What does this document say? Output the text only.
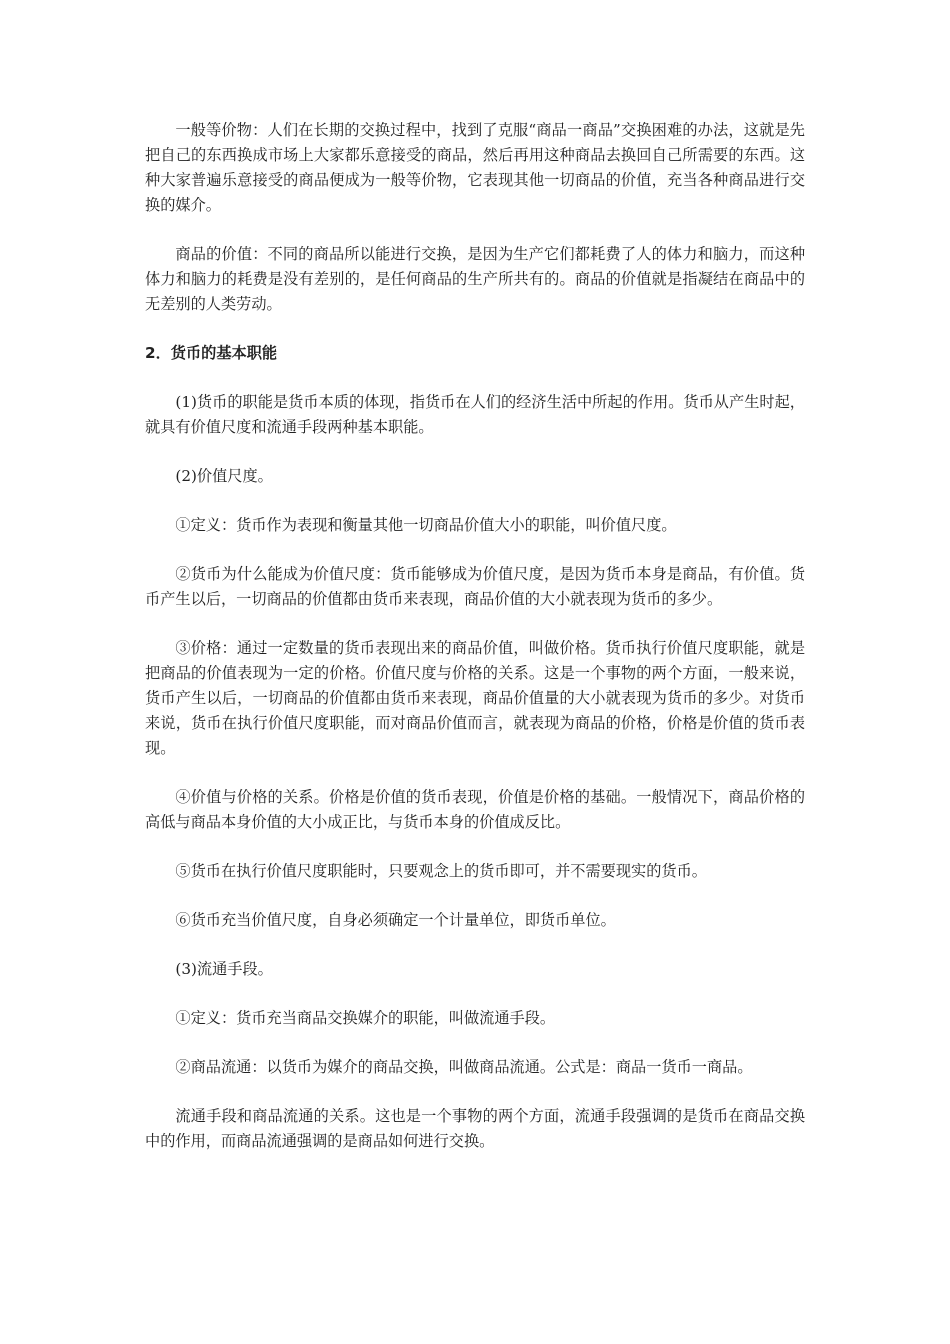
一般等价物：人们在长期的交换过程中，找到了克服“商品一商品”交换困难的办法，这就是先把自己的东西换成市场上大家都乐意接受的商品，然后再用这种商品去换回自己所需要的东西。这种大家普遍乐意接受的商品便成为一般等价物，它表现其他一切商品的价值，充当各种商品进行交换的媒介。

商品的价值：不同的商品所以能进行交换，是因为生产它们都耗费了人的体力和脑力，而这种体力和脑力的耗费是没有差别的，是任何商品的生产所共有的。商品的价值就是指凝结在商品中的无差别的人类劳动。

2．货币的基本职能

(1)货币的职能是货币本质的体现，指货币在人们的经济生活中所起的作用。货币从产生时起，就具有价值尺度和流通手段两种基本职能。

(2)价值尺度。

①定义：货币作为表现和衡量其他一切商品价值大小的职能，叫价值尺度。

②货币为什么能成为价值尺度：货币能够成为价值尺度，是因为货币本身是商品，有价值。货币产生以后，一切商品的价值都由货币来表现，商品价值的大小就表现为货币的多少。

③价格：通过一定数量的货币表现出来的商品价值，叫做价格。货币执行价值尺度职能，就是把商品的价值表现为一定的价格。价值尺度与价格的关系。这是一个事物的两个方面，一般来说，货币产生以后，一切商品的价值都由货币来表现，商品价值量的大小就表现为货币的多少。对货币来说，货币在执行价值尺度职能，而对商品价值而言，就表现为商品的价格，价格是价值的货币表现。

④价值与价格的关系。价格是价值的货币表现，价值是价格的基础。一般情况下，商品价格的高低与商品本身价值的大小成正比，与货币本身的价值成反比。

⑤货币在执行价值尺度职能时，只要观念上的货币即可，并不需要现实的货币。

⑥货币充当价值尺度，自身必须确定一个计量单位，即货币单位。

(3)流通手段。

①定义：货币充当商品交换媒介的职能，叫做流通手段。

②商品流通：以货币为媒介的商品交换，叫做商品流通。公式是：商品一货币一商品。

流通手段和商品流通的关系。这也是一个事物的两个方面，流通手段强调的是货币在商品交换中的作用，而商品流通强调的是商品如何进行交换。
